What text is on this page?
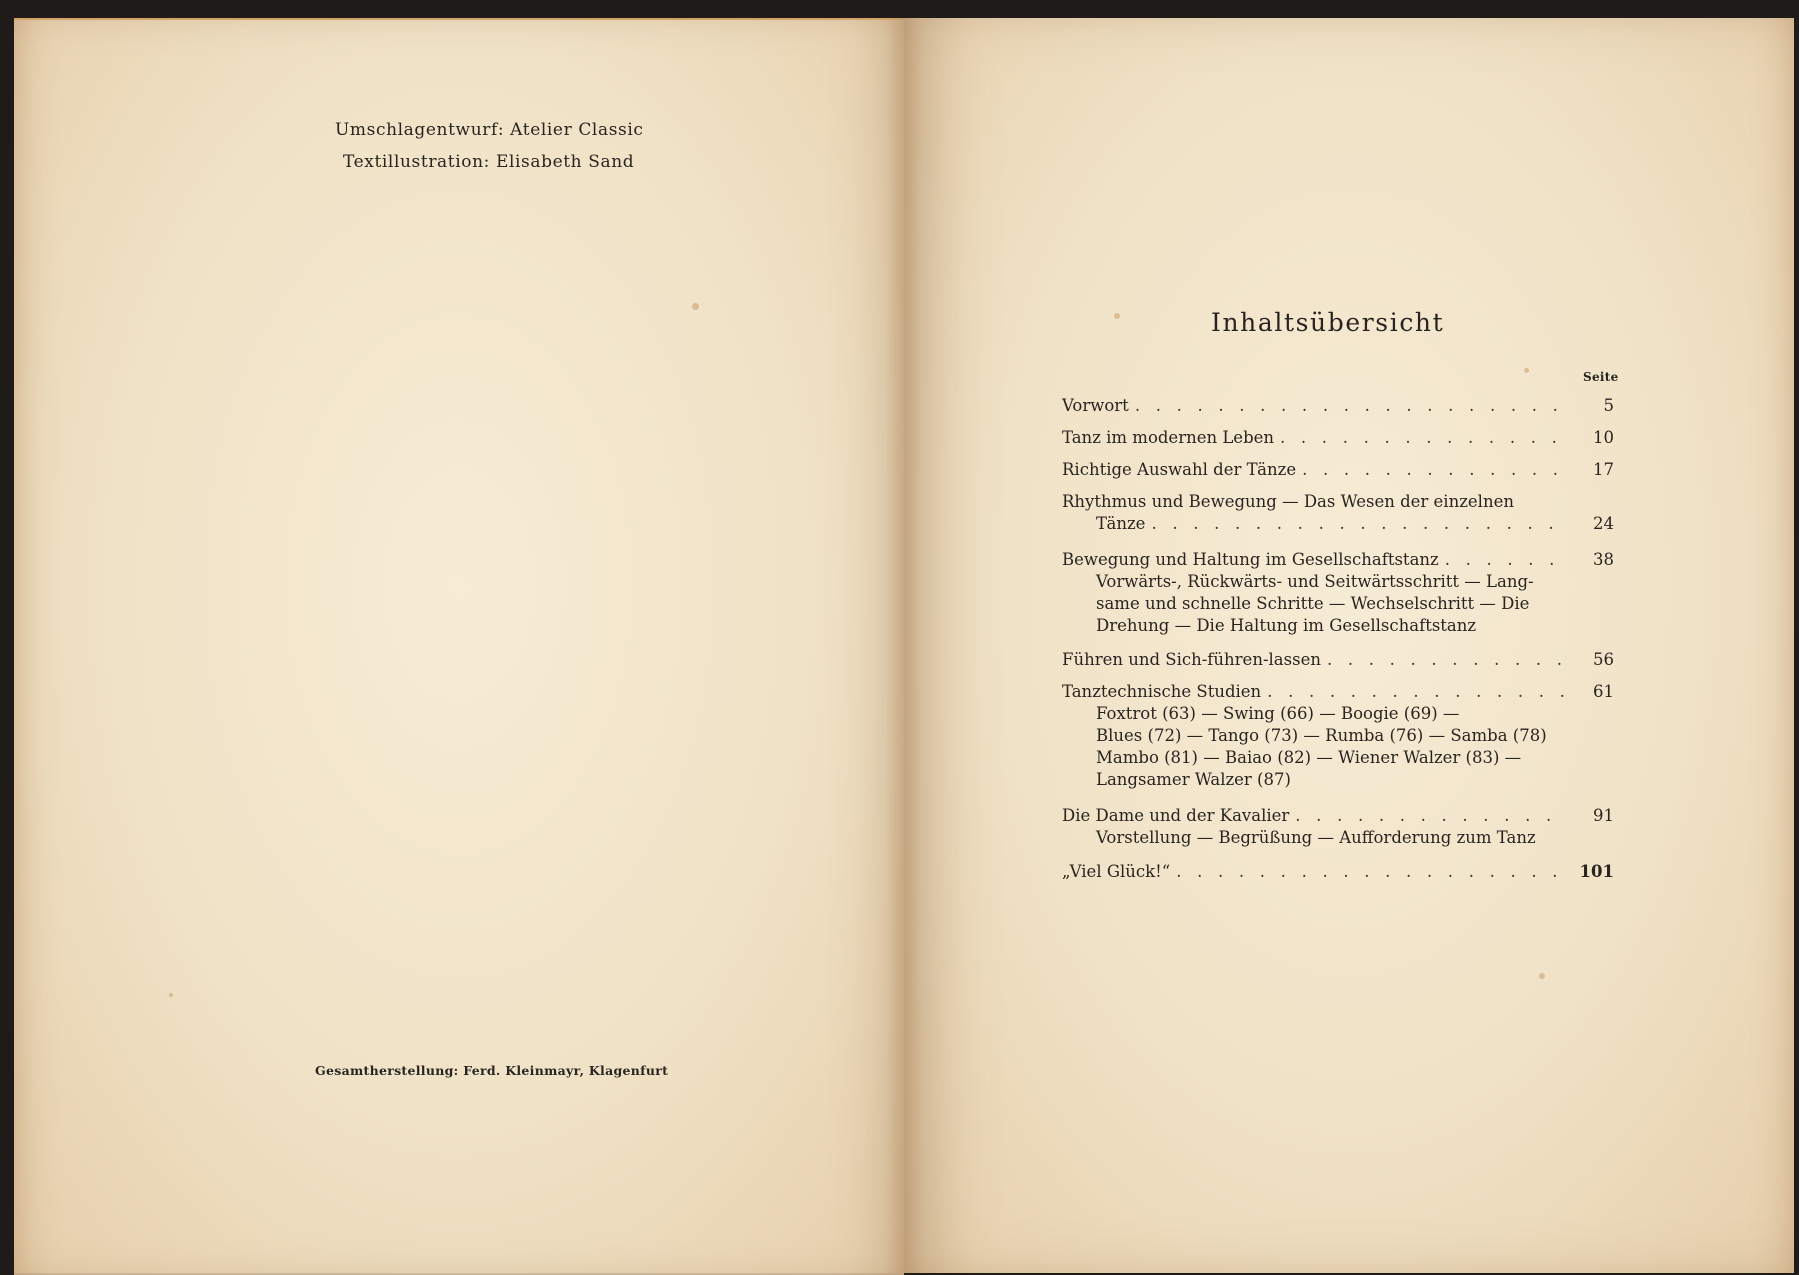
Umschlagentwurf: Atelier Classic
Textillustration: Elisabeth Sand
Gesamtherstellung: Ferd. Kleinmayr, Klagenfurt
Inhaltsübersicht
Seite
Vorwort . . .	5
Tanz im modernen Leben . . .	10
Richtige Auswahl der Tänze . . .	17
Rhythmus und Bewegung — Das Wesen der einzelnen
Tänze . . .	24
Bewegung und Haltung im Gesellschaftstanz . . .	38
Vorwärts-, Rückwärts- und Seitwärtsschritt — Lang-
same und schnelle Schritte — Wechselschritt — Die
Drehung — Die Haltung im Gesellschaftstanz
Führen und Sich-führen-lassen . . .	56
Tanztechnische Studien . . .	61
Foxtrot (63) — Swing (66) — Boogie (69) —
Blues (72) — Tango (73) — Rumba (76) — Samba (78)
Mambo (81) — Baiao (82) — Wiener Walzer (83) —
Langsamer Walzer (87)
Die Dame und der Kavalier . . .	91
Vorstellung — Begrüßung — Aufforderung zum Tanz
„Viel Glück!“ . . .	101
